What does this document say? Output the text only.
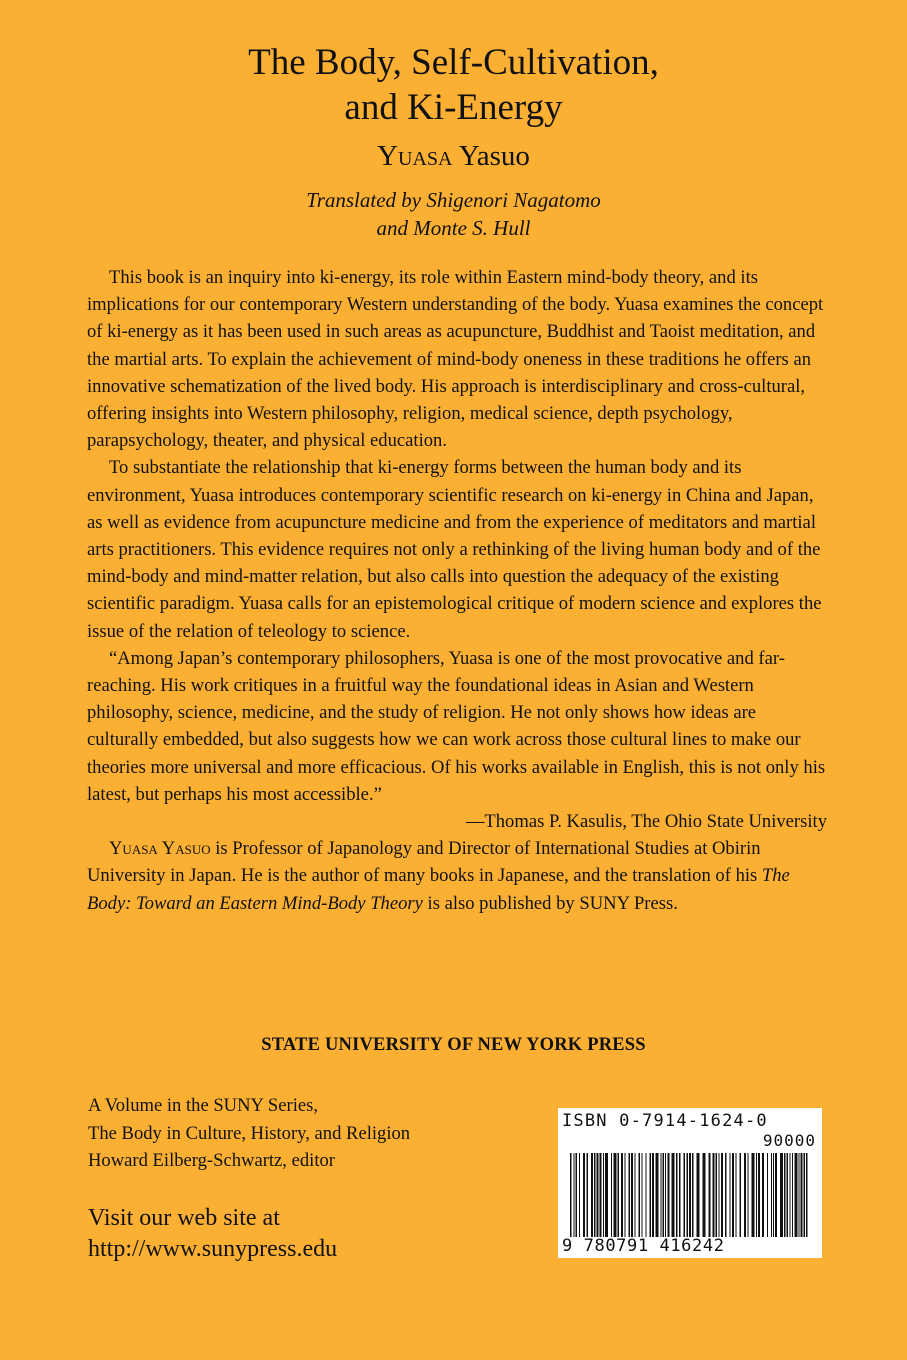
The Body, Self-Cultivation,
and Ki-Energy
Yuasa Yasuo
Translated by Shigenori Nagatomo
and Monte S. Hull

This book is an inquiry into ki-energy, its role within Eastern mind-body theory, and its implications for our contemporary Western understanding of the body. Yuasa examines the concept of ki-energy as it has been used in such areas as acupuncture, Buddhist and Taoist meditation, and the martial arts. To explain the achievement of mind-body oneness in these traditions he offers an innovative schematization of the lived body. His approach is interdisciplinary and cross-cultural, offering insights into Western philosophy, religion, medical science, depth psychology, parapsychology, theater, and physical education.

To substantiate the relationship that ki-energy forms between the human body and its environment, Yuasa introduces contemporary scientific research on ki-energy in China and Japan, as well as evidence from acupuncture medicine and from the experience of meditators and martial arts practitioners. This evidence requires not only a rethinking of the living human body and of the mind-body and mind-matter relation, but also calls into question the adequacy of the existing scientific paradigm. Yuasa calls for an epistemological critique of modern science and explores the issue of the relation of teleology to science.

“Among Japan’s contemporary philosophers, Yuasa is one of the most provocative and far-reaching. His work critiques in a fruitful way the foundational ideas in Asian and Western philosophy, science, medicine, and the study of religion. He not only shows how ideas are culturally embedded, but also suggests how we can work across those cultural lines to make our theories more universal and more efficacious. Of his works available in English, this is not only his latest, but perhaps his most accessible.”

—Thomas P. Kasulis, The Ohio State University

Yuasa Yasuo is Professor of Japanology and Director of International Studies at Obirin University in Japan. He is the author of many books in Japanese, and the translation of his The Body: Toward an Eastern Mind-Body Theory is also published by SUNY Press.

STATE UNIVERSITY OF NEW YORK PRESS
A Volume in the SUNY Series,
The Body in Culture, History, and Religion
Howard Eilberg-Schwartz, editor
Visit our web site at
http://www.sunypress.edu
ISBN 0-7914-1624-0
90000
9 780791 416242
